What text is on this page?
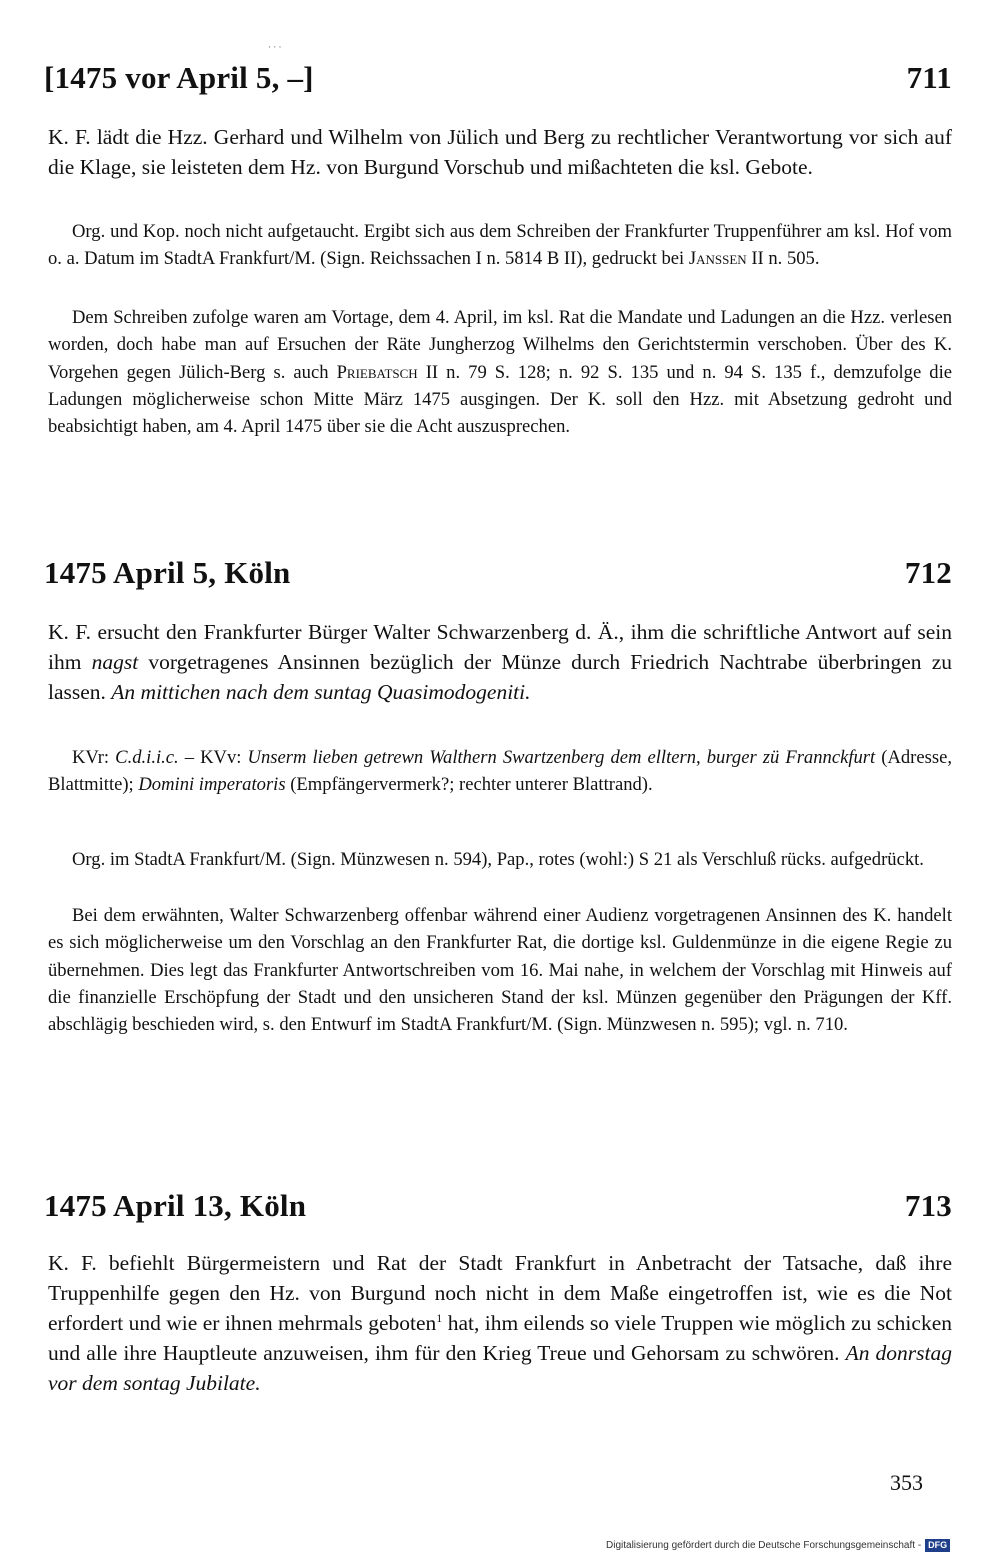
· · ·
[1475 vor April 5, –]	711

K. F. lädt die Hzz. Gerhard und Wilhelm von Jülich und Berg zu rechtlicher Verantwortung vor sich auf die Klage, sie leisteten dem Hz. von Burgund Vorschub und mißachteten die ksl. Gebote.

Org. und Kop. noch nicht aufgetaucht. Ergibt sich aus dem Schreiben der Frankfurter Truppenführer am ksl. Hof vom o. a. Datum im StadtA Frankfurt/M. (Sign. Reichssachen I n. 5814 B II), gedruckt bei Janssen II n. 505.

Dem Schreiben zufolge waren am Vortage, dem 4. April, im ksl. Rat die Mandate und Ladungen an die Hzz. verlesen worden, doch habe man auf Ersuchen der Räte Jungherzog Wilhelms den Gerichtstermin verschoben. Über des K. Vorgehen gegen Jülich-Berg s. auch Priebatsch II n. 79 S. 128; n. 92 S. 135 und n. 94 S. 135 f., demzufolge die Ladungen möglicherweise schon Mitte März 1475 ausgingen. Der K. soll den Hzz. mit Absetzung gedroht und beabsichtigt haben, am 4. April 1475 über sie die Acht auszusprechen.

1475 April 5, Köln	712

K. F. ersucht den Frankfurter Bürger Walter Schwarzenberg d. Ä., ihm die schriftliche Antwort auf sein ihm nagst vorgetragenes Ansinnen bezüglich der Münze durch Friedrich Nachtrabe überbringen zu lassen. An mittichen nach dem suntag Quasimodogeniti.

KVr: C.d.i.i.c. – KVv: Unserm lieben getrewn Walthern Swartzenberg dem elltern, burger zü Frannckfurt (Adresse, Blattmitte); Domini imperatoris (Empfängervermerk?; rechter unterer Blattrand).

Org. im StadtA Frankfurt/M. (Sign. Münzwesen n. 594), Pap., rotes (wohl:) S 21 als Verschluß rücks. aufgedrückt.

Bei dem erwähnten, Walter Schwarzenberg offenbar während einer Audienz vorgetragenen Ansinnen des K. handelt es sich möglicherweise um den Vorschlag an den Frankfurter Rat, die dortige ksl. Guldenmünze in die eigene Regie zu übernehmen. Dies legt das Frankfurter Antwortschreiben vom 16. Mai nahe, in welchem der Vorschlag mit Hinweis auf die finanzielle Erschöpfung der Stadt und den unsicheren Stand der ksl. Münzen gegenüber den Prägungen der Kff. abschlägig beschieden wird, s. den Entwurf im StadtA Frankfurt/M. (Sign. Münzwesen n. 595); vgl. n. 710.

1475 April 13, Köln	713

K. F. befiehlt Bürgermeistern und Rat der Stadt Frankfurt in Anbetracht der Tatsache, daß ihre Truppenhilfe gegen den Hz. von Burgund noch nicht in dem Maße eingetroffen ist, wie es die Not erfordert und wie er ihnen mehrmals geboten$^1$ hat, ihm eilends so viele Truppen wie möglich zu schicken und alle ihre Hauptleute anzuweisen, ihm für den Krieg Treue und Gehorsam zu schwören. An donrstag vor dem sontag Jubilate.

353
Digitalisierung gefördert durch die Deutsche Forschungsgemeinschaft - DFG
